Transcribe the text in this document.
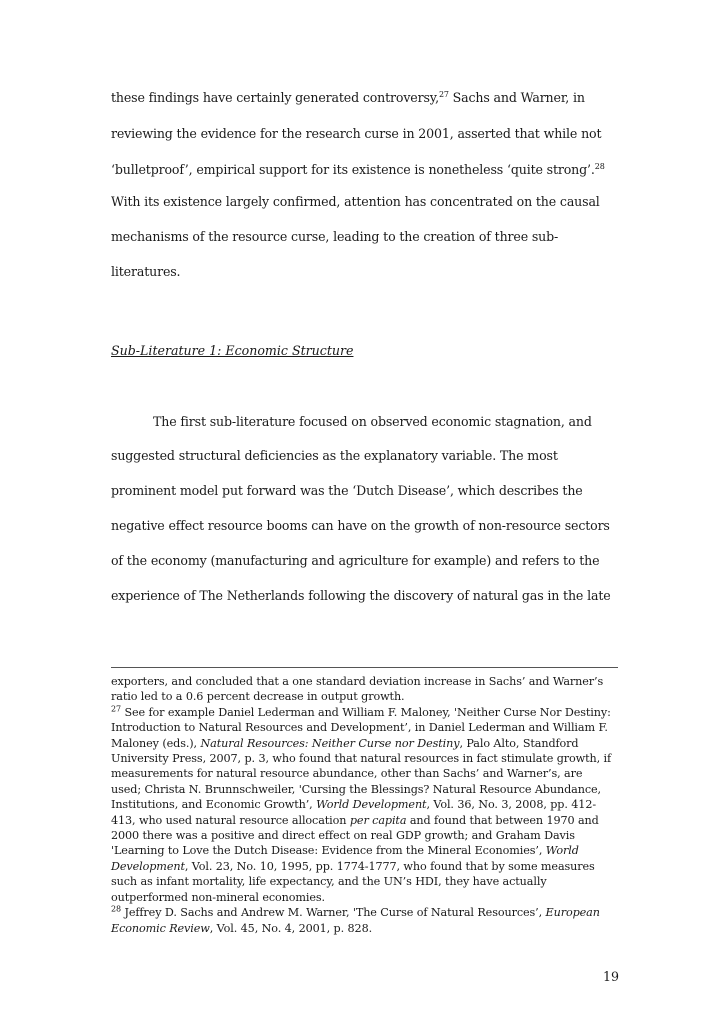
these findings have certainly generated controversy,$^{27}$ Sachs and Warner, in
reviewing the evidence for the research curse in 2001, asserted that while not
‘bulletproof’, empirical support for its existence is nonetheless ‘quite strong’.$^{28}$
With its existence largely confirmed, attention has concentrated on the causal
mechanisms of the resource curse, leading to the creation of three sub-
literatures.
Sub-Literature 1: Economic Structure
The first sub-literature focused on observed economic stagnation, and
suggested structural deficiencies as the explanatory variable. The most
prominent model put forward was the ‘Dutch Disease’, which describes the
negative effect resource booms can have on the growth of non-resource sectors
of the economy (manufacturing and agriculture for example) and refers to the
experience of The Netherlands following the discovery of natural gas in the late
exporters, and concluded that a one standard deviation increase in Sachs’ and Warner’s
ratio led to a 0.6 percent decrease in output growth.
$^{27}$ See for example Daniel Lederman and William F. Maloney, 'Neither Curse Nor Destiny:
Introduction to Natural Resources and Development’, in Daniel Lederman and William F.
Maloney (eds.), Natural Resources: Neither Curse nor Destiny, Palo Alto, Standford
University Press, 2007, p. 3, who found that natural resources in fact stimulate growth, if
measurements for natural resource abundance, other than Sachs’ and Warner’s, are
used; Christa N. Brunnschweiler, 'Cursing the Blessings? Natural Resource Abundance,
Institutions, and Economic Growth’, World Development, Vol. 36, No. 3, 2008, pp. 412-
413, who used natural resource allocation per capita and found that between 1970 and
2000 there was a positive and direct effect on real GDP growth; and Graham Davis
'Learning to Love the Dutch Disease: Evidence from the Mineral Economies’, World
Development, Vol. 23, No. 10, 1995, pp. 1774-1777, who found that by some measures
such as infant mortality, life expectancy, and the UN’s HDI, they have actually
outperformed non-mineral economies.
$^{28}$ Jeffrey D. Sachs and Andrew M. Warner, 'The Curse of Natural Resources’, European
Economic Review, Vol. 45, No. 4, 2001, p. 828.
19
